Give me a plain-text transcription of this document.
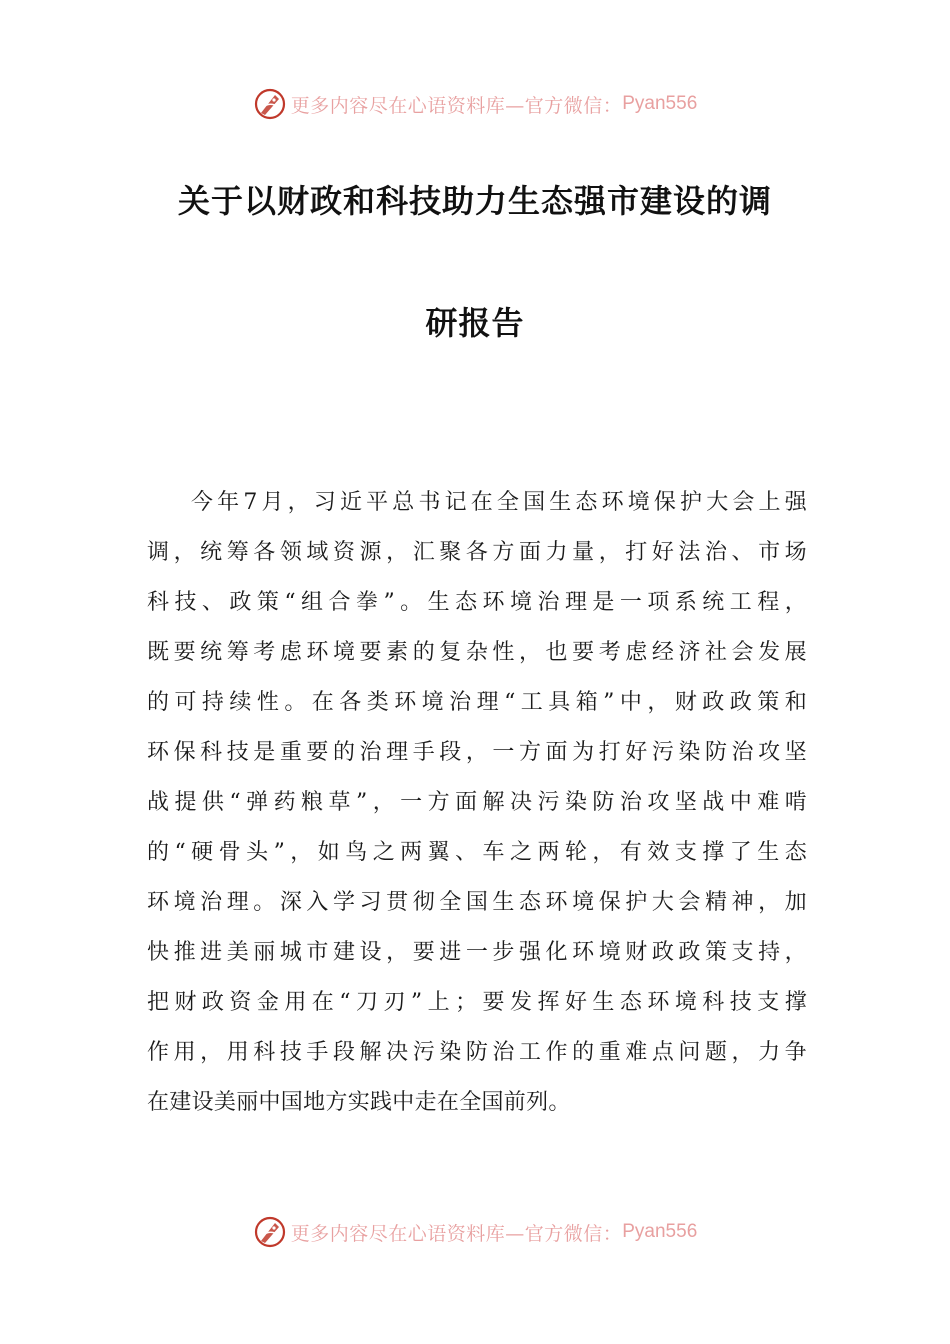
更多内容尽在心语资料库—官方微信： Pyan556
关于以财政和科技助力生态强市建设的调
研报告
今年7月，习近平总书记在全国生态环境保护大会上强
调，统筹各领域资源，汇聚各方面力量，打好法治、市场
科技、政策“组合拳”。生态环境治理是一项系统工程，
既要统筹考虑环境要素的复杂性，也要考虑经济社会发展
的可持续性。在各类环境治理“工具箱”中，财政政策和
环保科技是重要的治理手段，一方面为打好污染防治攻坚
战提供“弹药粮草”，一方面解决污染防治攻坚战中难啃
的“硬骨头”，如鸟之两翼、车之两轮，有效支撑了生态
环境治理。深入学习贯彻全国生态环境保护大会精神，加
快推进美丽城市建设，要进一步强化环境财政政策支持，
把财政资金用在“刀刃”上；要发挥好生态环境科技支撑
作用，用科技手段解决污染防治工作的重难点问题，力争
在建设美丽中国地方实践中走在全国前列。
更多内容尽在心语资料库—官方微信： Pyan556
